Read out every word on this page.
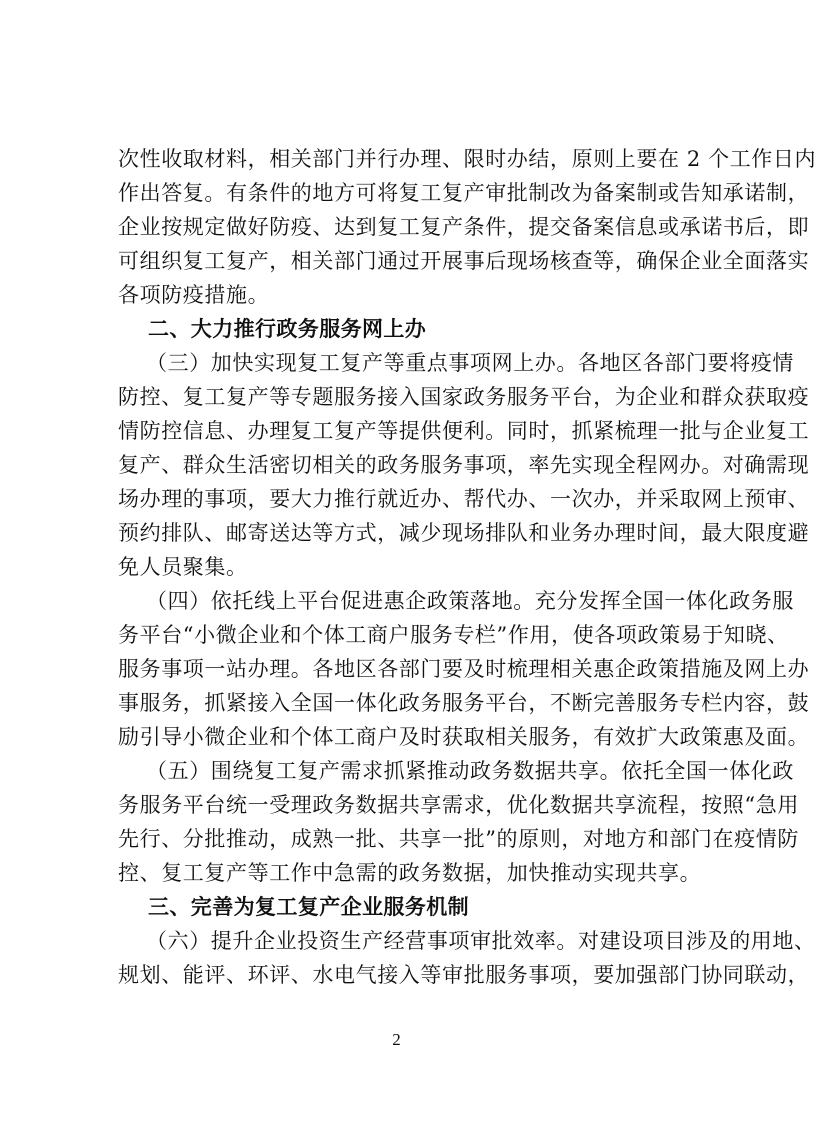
次性收取材料，相关部门并行办理、限时办结，原则上要在 2 个工作日内
作出答复。有条件的地方可将复工复产审批制改为备案制或告知承诺制，
企业按规定做好防疫、达到复工复产条件，提交备案信息或承诺书后，即
可组织复工复产，相关部门通过开展事后现场核查等，确保企业全面落实
各项防疫措施。
二、大力推行政务服务网上办
（三）加快实现复工复产等重点事项网上办。各地区各部门要将疫情
防控、复工复产等专题服务接入国家政务服务平台，为企业和群众获取疫
情防控信息、办理复工复产等提供便利。同时，抓紧梳理一批与企业复工
复产、群众生活密切相关的政务服务事项，率先实现全程网办。对确需现
场办理的事项，要大力推行就近办、帮代办、一次办，并采取网上预审、
预约排队、邮寄送达等方式，减少现场排队和业务办理时间，最大限度避
免人员聚集。
（四）依托线上平台促进惠企政策落地。充分发挥全国一体化政务服
务平台“小微企业和个体工商户服务专栏”作用，使各项政策易于知晓、
服务事项一站办理。各地区各部门要及时梳理相关惠企政策措施及网上办
事服务，抓紧接入全国一体化政务服务平台，不断完善服务专栏内容，鼓
励引导小微企业和个体工商户及时获取相关服务，有效扩大政策惠及面。
（五）围绕复工复产需求抓紧推动政务数据共享。依托全国一体化政
务服务平台统一受理政务数据共享需求，优化数据共享流程，按照“急用
先行、分批推动，成熟一批、共享一批”的原则，对地方和部门在疫情防
控、复工复产等工作中急需的政务数据，加快推动实现共享。
三、完善为复工复产企业服务机制
（六）提升企业投资生产经营事项审批效率。对建设项目涉及的用地、
规划、能评、环评、水电气接入等审批服务事项，要加强部门协同联动，
2
